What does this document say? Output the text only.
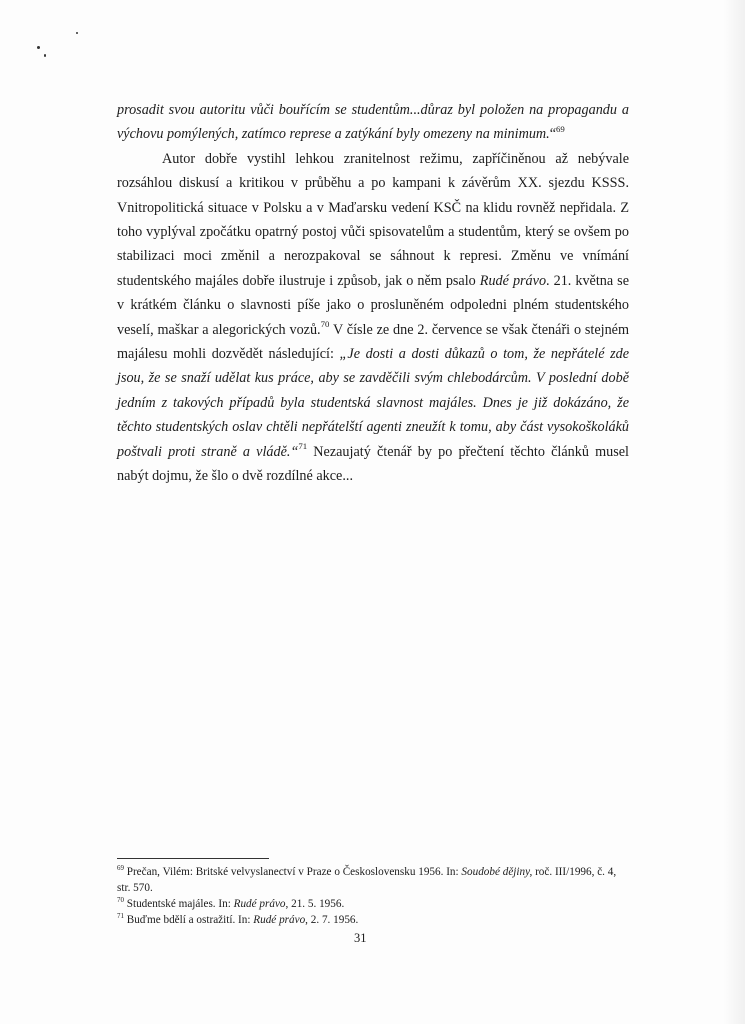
prosadit svou autoritu vůči bouřícím se studentům...důraz byl položen na propagandu a výchovu pomýlených, zatímco represe a zatýkání byly omezeny na minimum.“$^{69}$

Autor dobře vystihl lehkou zranitelnost režimu, zapříčiněnou až nebývale rozsáhlou diskusí a kritikou v průběhu a po kampani k závěrům XX. sjezdu KSSS. Vnitropolitická situace v Polsku a v Maďarsku vedení KSČ na klidu rovněž nepřidala. Z toho vyplýval zpočátku opatrný postoj vůči spisovatelům a studentům, který se ovšem po stabilizaci moci změnil a nerozpakoval se sáhnout k represi. Změnu ve vnímání studentského majáles dobře ilustruje i způsob, jak o něm psalo Rudé právo. 21. května se v krátkém článku o slavnosti píše jako o prosluněném odpoledni plném studentského veselí, maškar a alegorických vozů.$^{70}$ V čísle ze dne 2. července se však čtenáři o stejném majálesu mohli dozvědět následující: „Je dosti a dosti důkazů o tom, že nepřátelé zde jsou, že se snaží udělat kus práce, aby se zavděčili svým chlebodárcům. V poslední době jedním z takových případů byla studentská slavnost majáles. Dnes je již dokázáno, že těchto studentských oslav chtěli nepřátelští agenti zneužít k tomu, aby část vysokoškoláků poštvali proti straně a vládě.“$^{71}$ Nezaujatý čtenář by po přečtení těchto článků musel nabýt dojmu, že šlo o dvě rozdílné akce...

$^{69}$ Prečan, Vilém: Britské velvyslanectví v Praze o Československu 1956. In: Soudobé dějiny, roč. III/1996, č. 4, str. 570.

$^{70}$ Studentské majáles. In: Rudé právo, 21. 5. 1956.

$^{71}$ Buďme bdělí a ostražití. In: Rudé právo, 2. 7. 1956.

31
